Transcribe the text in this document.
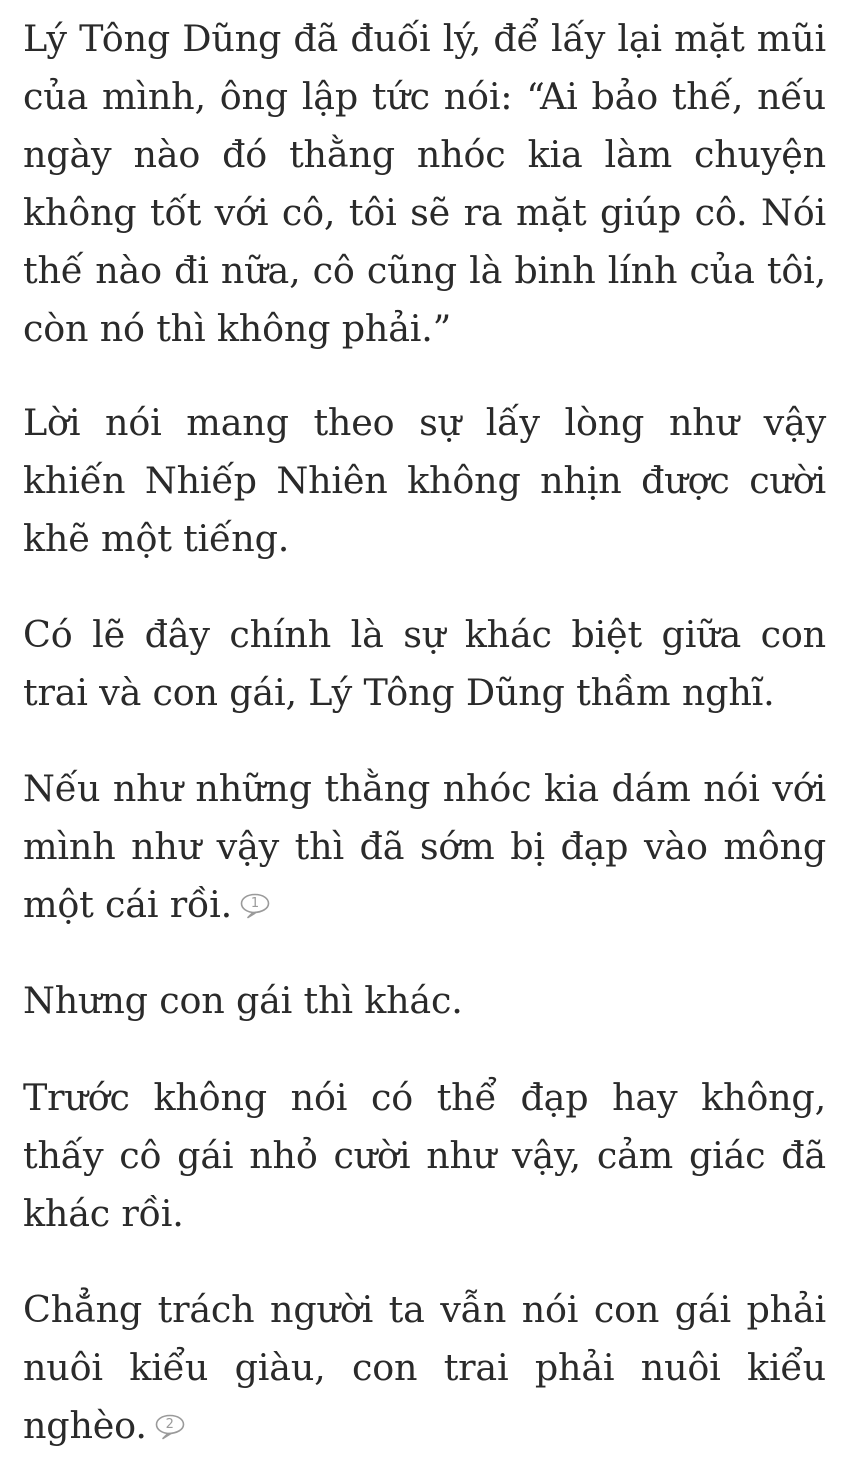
Lý Tông Dũng đã đuối lý, để lấy lại mặt mũi của mình, ông lập tức nói: “Ai bảo thế, nếu ngày nào đó thằng nhóc kia làm chuyện không tốt với cô, tôi sẽ ra mặt giúp cô. Nói thế nào đi nữa, cô cũng là binh lính của tôi, còn nó thì không phải.”

Lời nói mang theo sự lấy lòng như vậy khiến Nhiếp Nhiên không nhịn được cười khẽ một tiếng.

Có lẽ đây chính là sự khác biệt giữa con trai và con gái, Lý Tông Dũng thầm nghĩ.

Nếu như những thằng nhóc kia dám nói với mình như vậy thì đã sớm bị đạp vào mông một cái rồi.	1

Nhưng con gái thì khác.

Trước không nói có thể đạp hay không, thấy cô gái nhỏ cười như vậy, cảm giác đã khác rồi.

Chẳng trách người ta vẫn nói con gái phải nuôi kiểu giàu, con trai phải nuôi kiểu nghèo.	2
